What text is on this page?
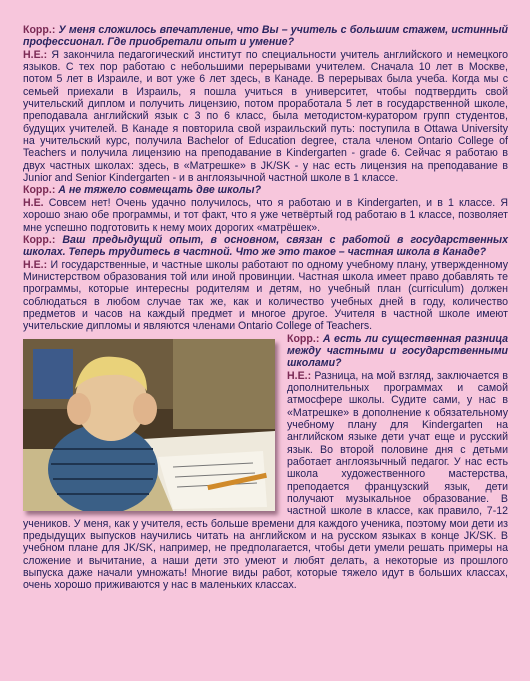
Корр.: У меня сложилось впечатление, что Вы – учитель с большим стажем, истинный профессионал. Где приобретали опыт и умение?

Н.Е.: Я закончила педагогический институт по специальности учитель английского и немецкого языков. С тех пор работаю с небольшими перерывами учителем. Сначала 10 лет в Москве, потом 5 лет в Израиле, и вот уже 6 лет здесь, в Канаде. В перерывах была учеба. Когда мы с семьей приехали в Израиль, я пошла учиться в университет, чтобы подтвердить свой учительский диплом и получить лицензию, потом проработала 5 лет в государственной школе, преподавала английский язык с 3 по 6 класс, была методистом-куратором групп студентов, будущих учителей. В Канаде я повторила свой израильский путь: поступила в Ottawa University на учительский курс, получила Bachelor of Education degree, стала членом Ontario College of Teachers и получила лицензию на преподавание в Kindergarten - grade 6. Сейчас я работаю в двух частных школах: здесь, в «Матрешке» в JK/SK - у нас есть лицензия на преподавание в Junior and Senior Kindergarten - и в англоязычной частной школе в 1 классе.

Корр.: А не тяжело совмещать две школы?

Н.Е. Совсем нет! Очень удачно получилось, что я работаю и в Kindergarten, и в 1 классе. Я хорошо знаю обе программы, и тот факт, что я уже четвёртый год работаю в 1 классе, позволяет мне успешно подготовить к нему моих дорогих «матрёшек».

Корр.: Ваш предыдущий опыт, в основном, связан с работой в государственных школах. Теперь трудитесь в частной. Что же это такое – частная школа в Канаде?

Н.Е.: И государственные, и частные школы работают по одному учебному плану, утвержденному Министерством образования той или иной провинции. Частная школа имеет право добавлять те программы, которые интересны родителям и детям, но учебный план (curriculum) должен соблюдаться в любом случае так же, как и количество учебных дней в году, количество предметов и часов на каждый предмет и многое другое. Учителя в частной школе имеют учительские дипломы и являются членами Ontario College of Teachers.

Корр.: А есть ли существенная разница между частными и государственными школами?

Н.Е.: Разница, на мой взгляд, заключается в дополнительных программах и самой атмосфере школы. Судите сами, у нас в «Матрешке» в дополнение к обязательному учебному плану для Kindergarten на английском языке дети учат еще и русский язык. Во второй половине дня с детьми работает англоязычный педагог. У нас есть школа художественного мастерства, преподается французский язык, дети получают музыкальное образование. В частной школе в классе, как правило, 7-12 учеников. У меня, как у учителя, есть больше времени для каждого ученика, поэтому мои дети из предыдущих выпусков научились читать на английском и на русском языках в конце JK/SK. В учебном плане для JK/SK, например, не предполагается, чтобы дети умели решать примеры на сложение и вычитание, а наши дети это умеют и любят делать, а некоторые из прошлого выпуска даже начали умножать! Многие виды работ, которые тяжело идут в больших классах, очень хорошо приживаются у нас в маленьких классах.
